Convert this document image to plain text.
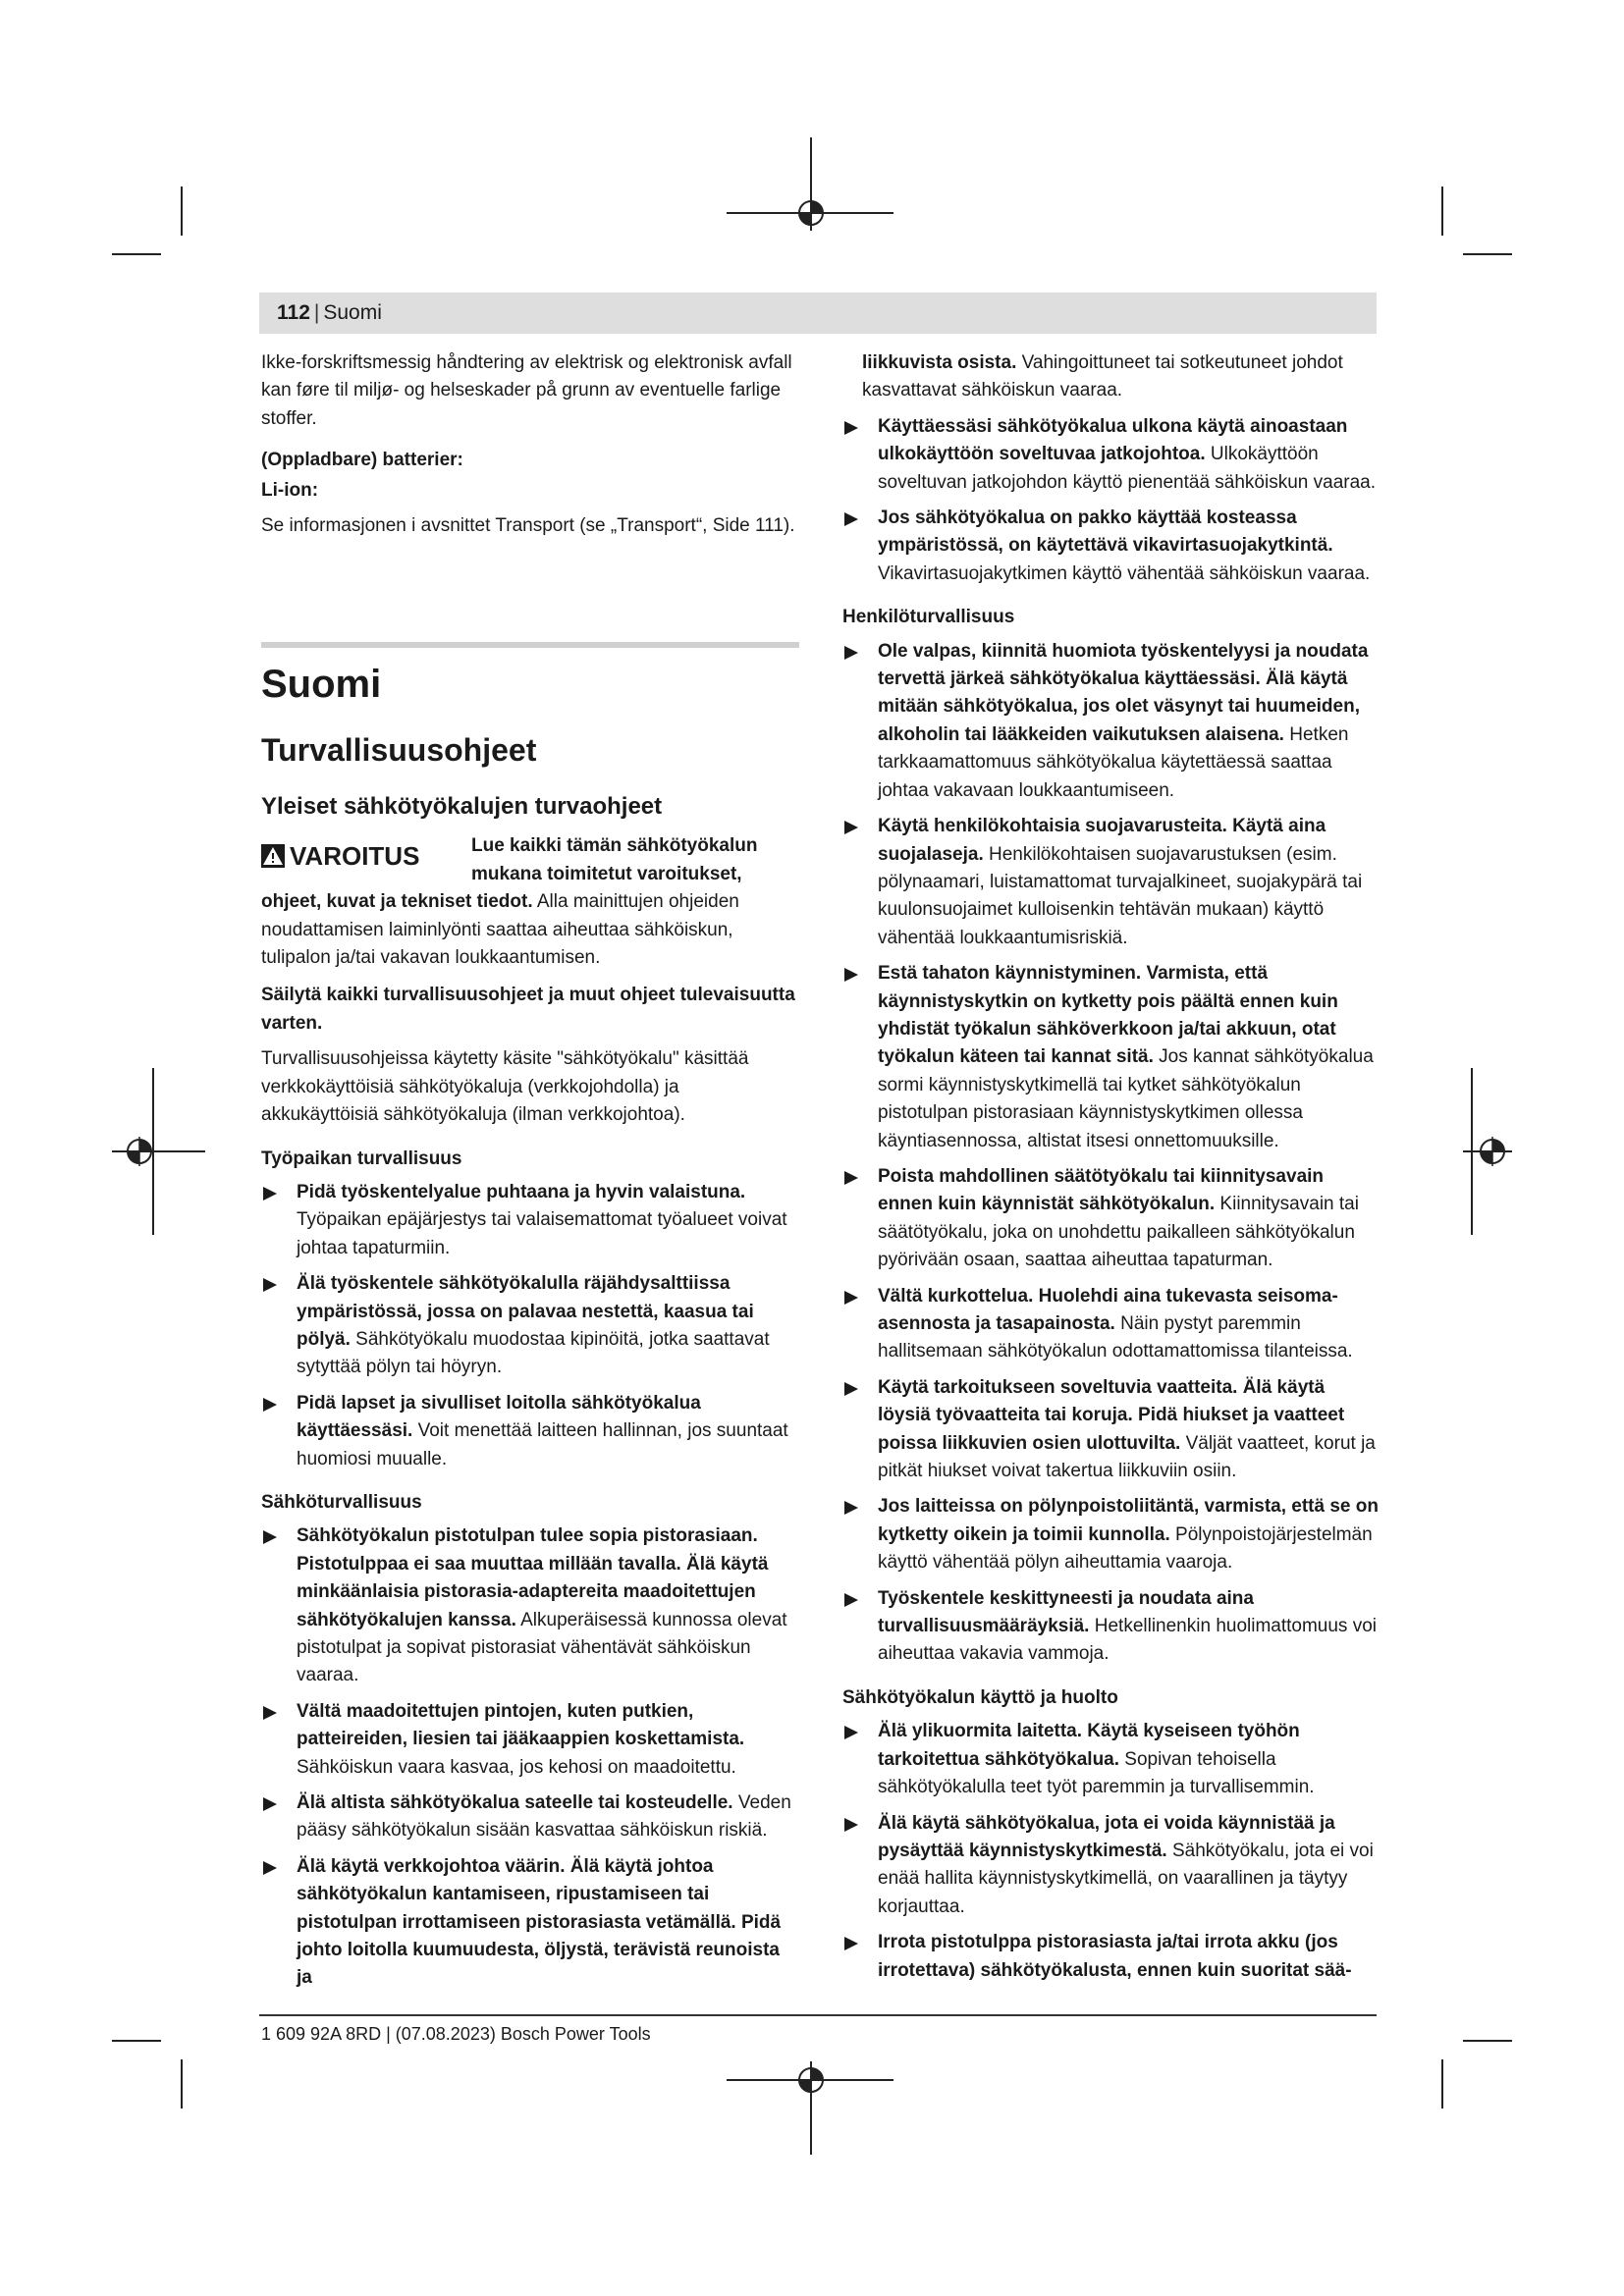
112 | Suomi

Ikke-forskriftsmessig håndtering av elektrisk og elektronisk avfall kan føre til miljø- og helseskader på grunn av eventuelle farlige stoffer.

(Oppladbare) batterier:

Li-ion:

Se informasjonen i avsnittet Transport (se „Transport“, Side 111).

Suomi
Turvallisuusohjeet
Yleiset sähkötyökalujen turvaohjeet
VAROITUS	Lue kaikki tämän sähkötyökalun mukana toimitetut varoitukset, ohjeet, kuvat ja tekniset tiedot. Alla mainittujen ohjeiden noudattamisen laiminlyönti saattaa aiheuttaa sähköiskun, tulipalon ja/tai vakavan loukkaantumisen.

Säilytä kaikki turvallisuusohjeet ja muut ohjeet tulevaisuutta varten.

Turvallisuusohjeissa käytetty käsite "sähkötyökalu" käsittää verkkokäyttöisiä sähkötyökaluja (verkkojohdolla) ja akkukäyttöisiä sähkötyökaluja (ilman verkkojohtoa).

Työpaikan turvallisuus

Pidä työskentelyalue puhtaana ja hyvin valaistuna. Työpaikan epäjärjestys tai valaisemattomat työalueet voivat johtaa tapaturmiin.
Älä työskentele sähkötyökalulla räjähdysalttiissa ympäristössä, jossa on palavaa nestettä, kaasua tai pölyä. Sähkötyökalu muodostaa kipinöitä, jotka saattavat sytyttää pölyn tai höyryn.
Pidä lapset ja sivulliset loitolla sähkötyökalua käyttäessäsi. Voit menettää laitteen hallinnan, jos suuntaat huomiosi muualle.

Sähköturvallisuus

Sähkötyökalun pistotulpan tulee sopia pistorasiaan. Pistotulppaa ei saa muuttaa millään tavalla. Älä käytä minkäänlaisia pistorasia-adaptereita maadoitettujen sähkötyökalujen kanssa. Alkuperäisessä kunnossa olevat pistotulpat ja sopivat pistorasiat vähentävät sähköiskun vaaraa.
Vältä maadoitettujen pintojen, kuten putkien, patteireiden, liesien tai jääkaappien koskettamista. Sähköiskun vaara kasvaa, jos kehosi on maadoitettu.
Älä altista sähkötyökalua sateelle tai kosteudelle. Veden pääsy sähkötyökalun sisään kasvattaa sähköiskun riskiä.
Älä käytä verkkojohtoa väärin. Älä käytä johtoa sähkötyökalun kantamiseen, ripustamiseen tai pistotulpan irrottamiseen pistorasiasta vetämällä. Pidä johto loitolla kuumuudesta, öljystä, terävistä reunoista ja

liikkuvista osista. Vahingoittuneet tai sotkeutuneet johdot kasvattavat sähköiskun vaaraa.

Käyttäessäsi sähkötyökalua ulkona käytä ainoastaan ulkokäyttöön soveltuvaa jatkojohtoa. Ulkokäyttöön soveltuvan jatkojohdon käyttö pienentää sähköiskun vaaraa.
Jos sähkötyökalua on pakko käyttää kosteassa ympäristössä, on käytettävä vikavirtasuojakytkintä. Vikavirtasuojakytkimen käyttö vähentää sähköiskun vaaraa.

Henkilöturvallisuus

Ole valpas, kiinnitä huomiota työskentelyysi ja noudata tervettä järkeä sähkötyökalua käyttäessäsi. Älä käytä mitään sähkötyökalua, jos olet väsynyt tai huumeiden, alkoholin tai lääkkeiden vaikutuksen alaisena. Hetken tarkkaamattomuus sähkötyökalua käytettäessä saattaa johtaa vakavaan loukkaantumiseen.
Käytä henkilökohtaisia suojavarusteita. Käytä aina suojalaseja. Henkilökohtaisen suojavarustuksen (esim. pölynaamari, luistamattomat turvajalkineet, suojakypärä tai kuulonsuojaimet kulloisenkin tehtävän mukaan) käyttö vähentää loukkaantumisriskiä.
Estä tahaton käynnistyminen. Varmista, että käynnistyskytkin on kytketty pois päältä ennen kuin yhdistät työkalun sähköverkkoon ja/tai akkuun, otat työkalun käteen tai kannat sitä. Jos kannat sähkötyökalua sormi käynnistyskytkimellä tai kytket sähkötyökalun pistotulpan pistorasiaan käynnistyskytkimen ollessa käyntiasennossa, altistat itsesi onnettomuuksille.
Poista mahdollinen säätötyökalu tai kiinnitysavain ennen kuin käynnistät sähkötyökalun. Kiinnitysavain tai säätötyökalu, joka on unohdettu paikalleen sähkötyökalun pyörivään osaan, saattaa aiheuttaa tapaturman.
Vältä kurkottelua. Huolehdi aina tukevasta seisoma-asennosta ja tasapainosta. Näin pystyt paremmin hallitsemaan sähkötyökalun odottamattomissa tilanteissa.
Käytä tarkoitukseen soveltuvia vaatteita. Älä käytä löysiä työvaatteita tai koruja. Pidä hiukset ja vaatteet poissa liikkuvien osien ulottuvilta. Väljät vaatteet, korut ja pitkät hiukset voivat takertua liikkuviin osiin.
Jos laitteissa on pölynpoistoliitäntä, varmista, että se on kytketty oikein ja toimii kunnolla. Pölynpoistojärjestelmän käyttö vähentää pölyn aiheuttamia vaaroja.
Työskentele keskittyneesti ja noudata aina turvallisuusmääräyksiä. Hetkellinenkin huolimattomuus voi aiheuttaa vakavia vammoja.

Sähkötyökalun käyttö ja huolto

Älä ylikuormita laitetta. Käytä kyseiseen työhön tarkoitettua sähkötyökalua. Sopivan tehoisella sähkötyökalulla teet työt paremmin ja turvallisemmin.
Älä käytä sähkötyökalua, jota ei voida käynnistää ja pysäyttää käynnistyskytkimestä. Sähkötyökalu, jota ei voi enää hallita käynnistyskytkimellä, on vaarallinen ja täytyy korjauttaa.
Irrota pistotulppa pistorasiasta ja/tai irrota akku (jos irrotettava) sähkötyökalusta, ennen kuin suoritat sää-
1 609 92A 8RD | (07.08.2023) Bosch Power Tools
